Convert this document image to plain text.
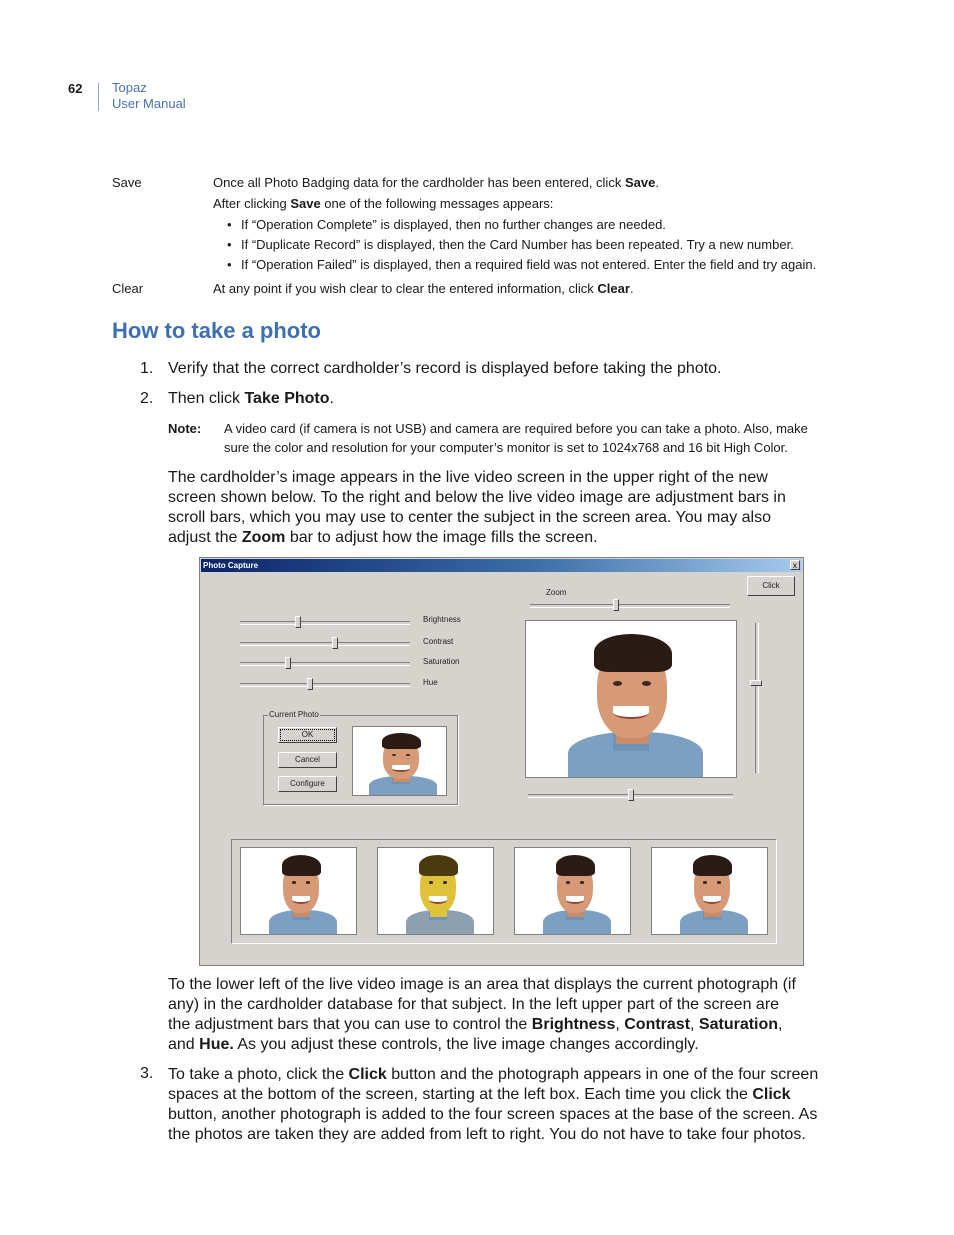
62 Topaz
User Manual
Save	Once all Photo Badging data for the cardholder has been entered, click Save.
After clicking Save one of the following messages appears:
• If “Operation Complete” is displayed, then no further changes are needed.
• If “Duplicate Record” is displayed, then the Card Number has been repeated. Try a new number.
• If “Operation Failed” is displayed, then a required field was not entered. Enter the field and try again.
Clear	At any point if you wish clear to clear the entered information, click Clear.
How to take a photo
1. Verify that the correct cardholder’s record is displayed before taking the photo.
2. Then click Take Photo.
Note: A video card (if camera is not USB) and camera are required before you can take a photo. Also, make
sure the color and resolution for your computer’s monitor is set to 1024x768 and 16 bit High Color.
The cardholder’s image appears in the live video screen in the upper right of the new
screen shown below. To the right and below the live video image are adjustment bars in
scroll bars, which you may use to center the subject in the screen area. You may also
adjust the Zoom bar to adjust how the image fills the screen.
Photo Capture	x
Zoom
Click
Brightness
Contrast
Saturation
Hue
Current Photo
OK
Cancel
Configure
To the lower left of the live video image is an area that displays the current photograph (if
any) in the cardholder database for that subject. In the left upper part of the screen are
the adjustment bars that you can use to control the Brightness, Contrast, Saturation,
and Hue. As you adjust these controls, the live image changes accordingly.
3. To take a photo, click the Click button and the photograph appears in one of the four screen
spaces at the bottom of the screen, starting at the left box. Each time you click the Click
button, another photograph is added to the four screen spaces at the base of the screen. As
the photos are taken they are added from left to right. You do not have to take four photos.
